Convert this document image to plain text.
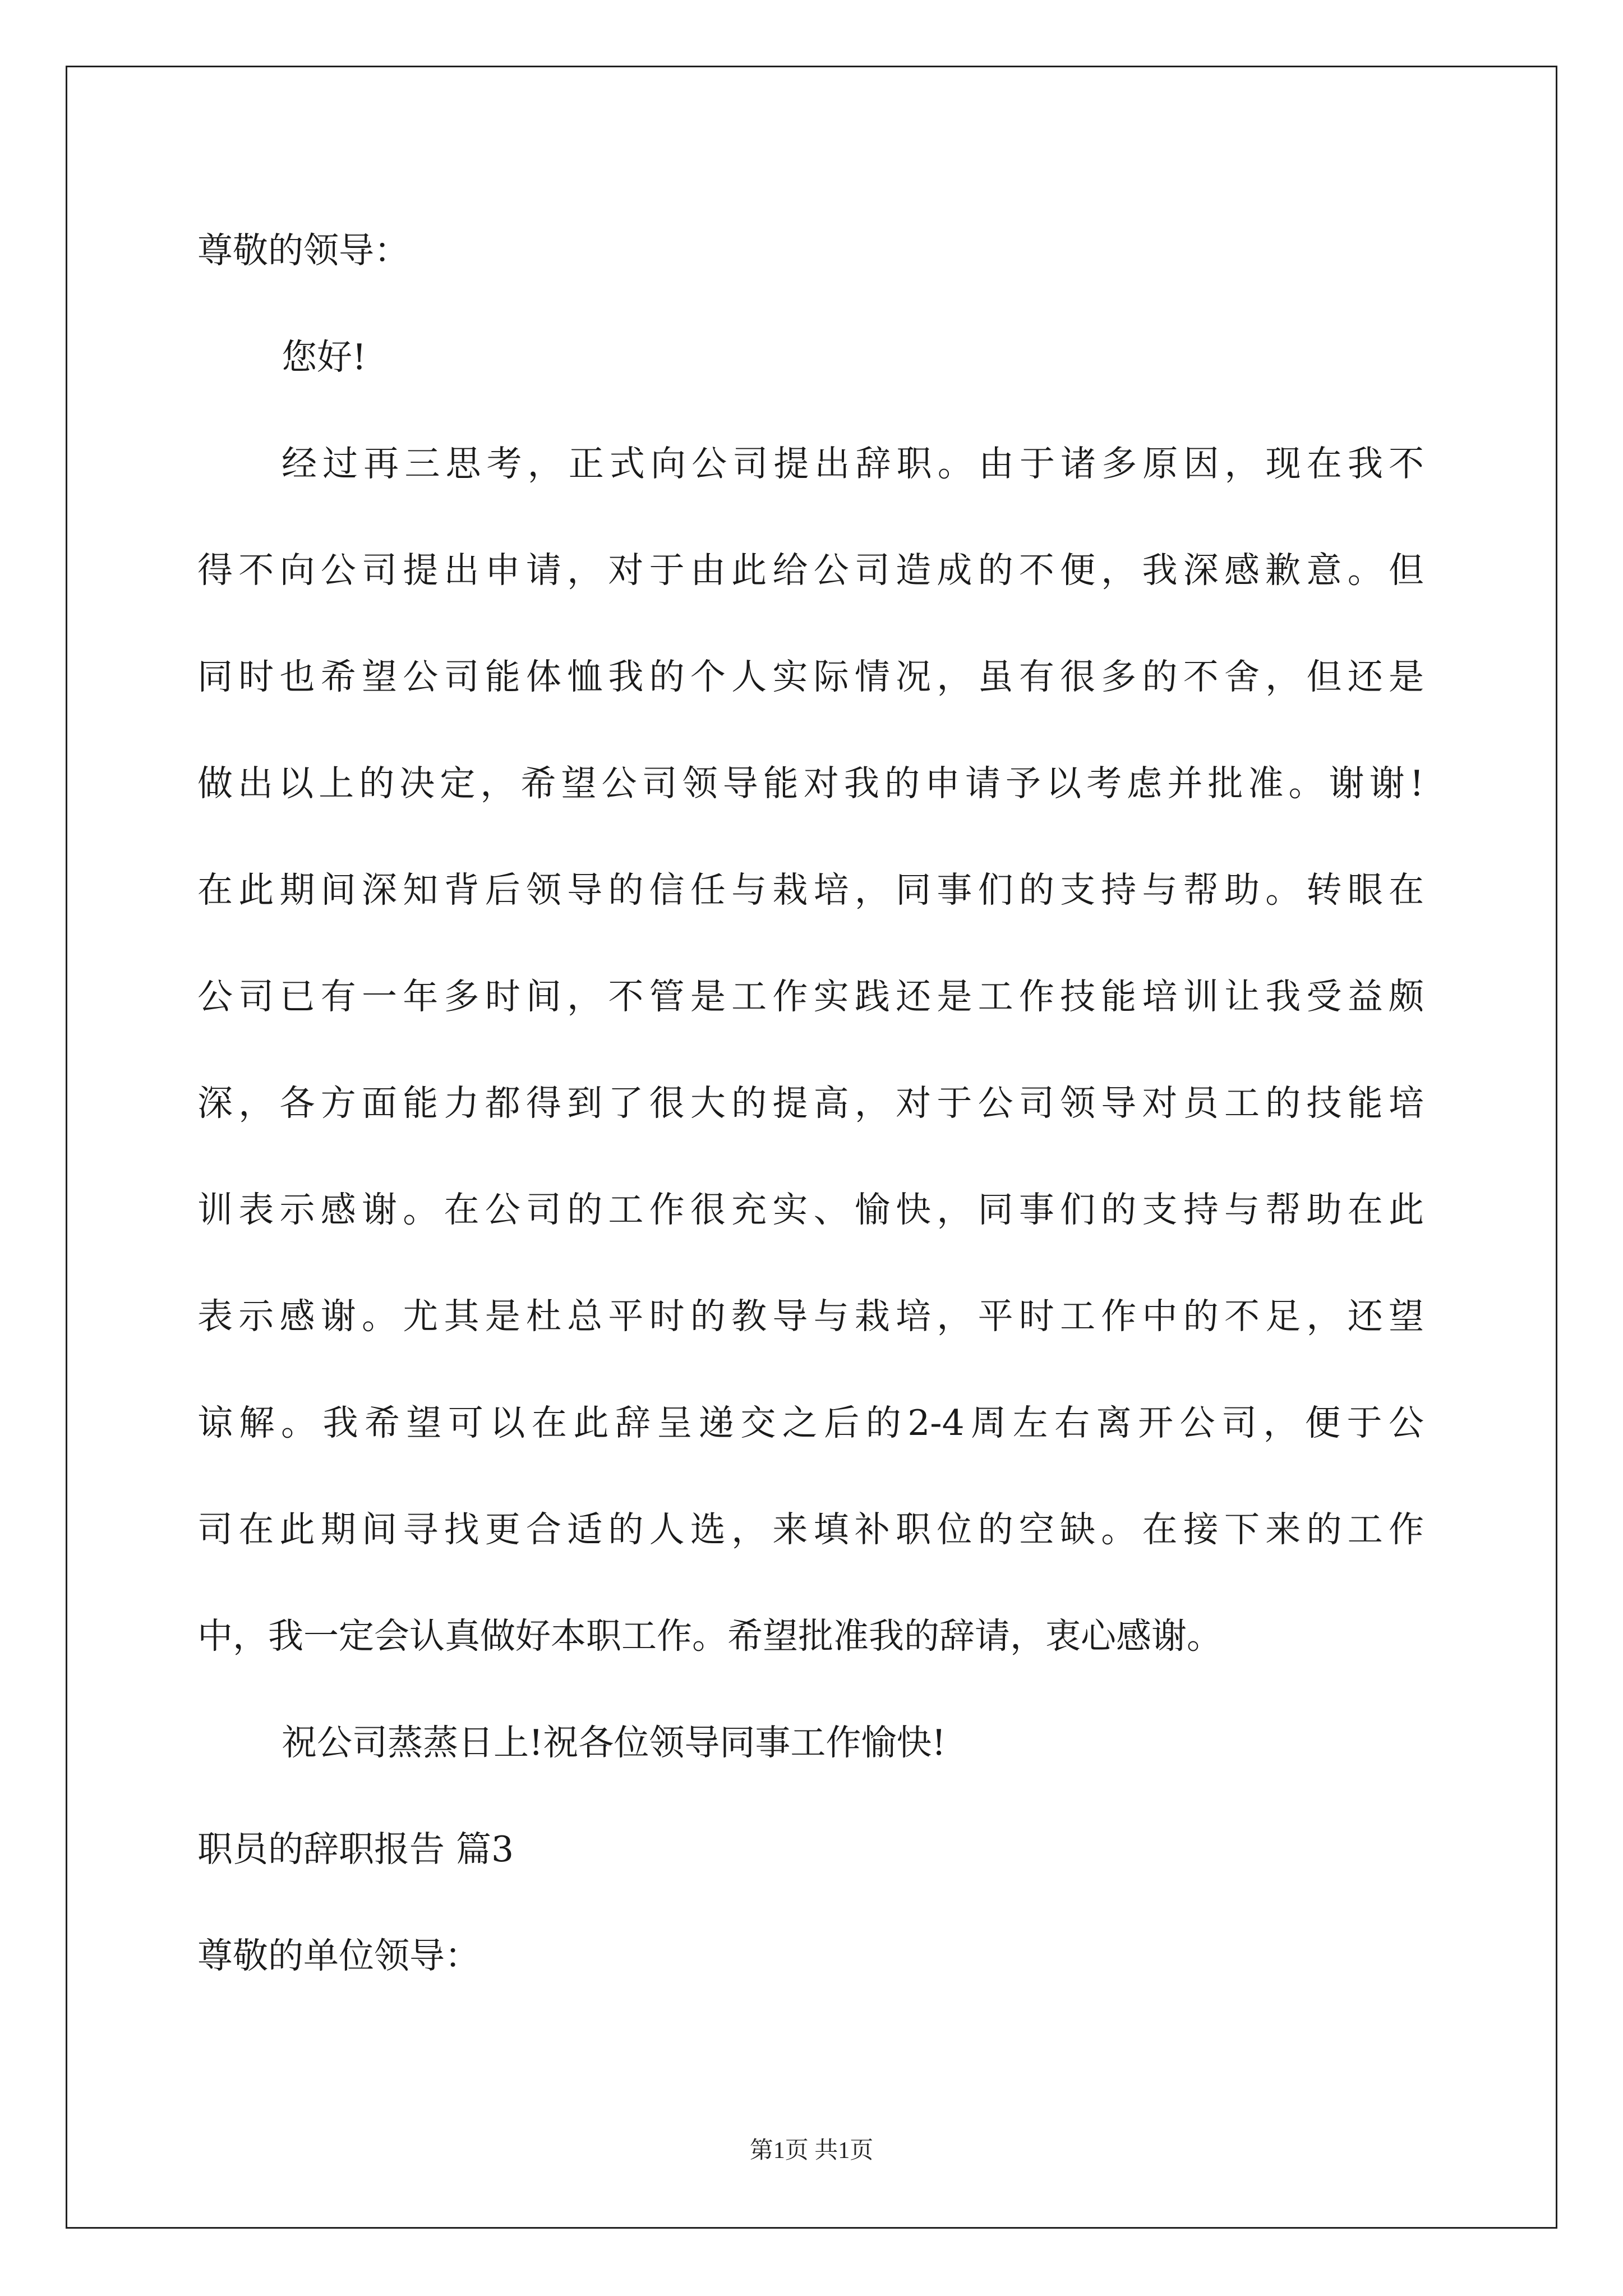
尊敬的领导：
您好!
经过再三思考，正式向公司提出辞职。由于诸多原因，现在我不
得不向公司提出申请，对于由此给公司造成的不便，我深感歉意。但
同时也希望公司能体恤我的个人实际情况，虽有很多的不舍，但还是
做出以上的决定，希望公司领导能对我的申请予以考虑并批准。谢谢!
在此期间深知背后领导的信任与栽培，同事们的支持与帮助。转眼在
公司已有一年多时间，不管是工作实践还是工作技能培训让我受益颇
深，各方面能力都得到了很大的提高，对于公司领导对员工的技能培
训表示感谢。在公司的工作很充实、愉快，同事们的支持与帮助在此
表示感谢。尤其是杜总平时的教导与栽培，平时工作中的不足，还望
谅解。我希望可以在此辞呈递交之后的2-4周左右离开公司，便于公
司在此期间寻找更合适的人选，来填补职位的空缺。在接下来的工作
中，我一定会认真做好本职工作。希望批准我的辞请，衷心感谢。
祝公司蒸蒸日上!祝各位领导同事工作愉快!
职员的辞职报告 篇3
尊敬的单位领导：
第1页 共1页
